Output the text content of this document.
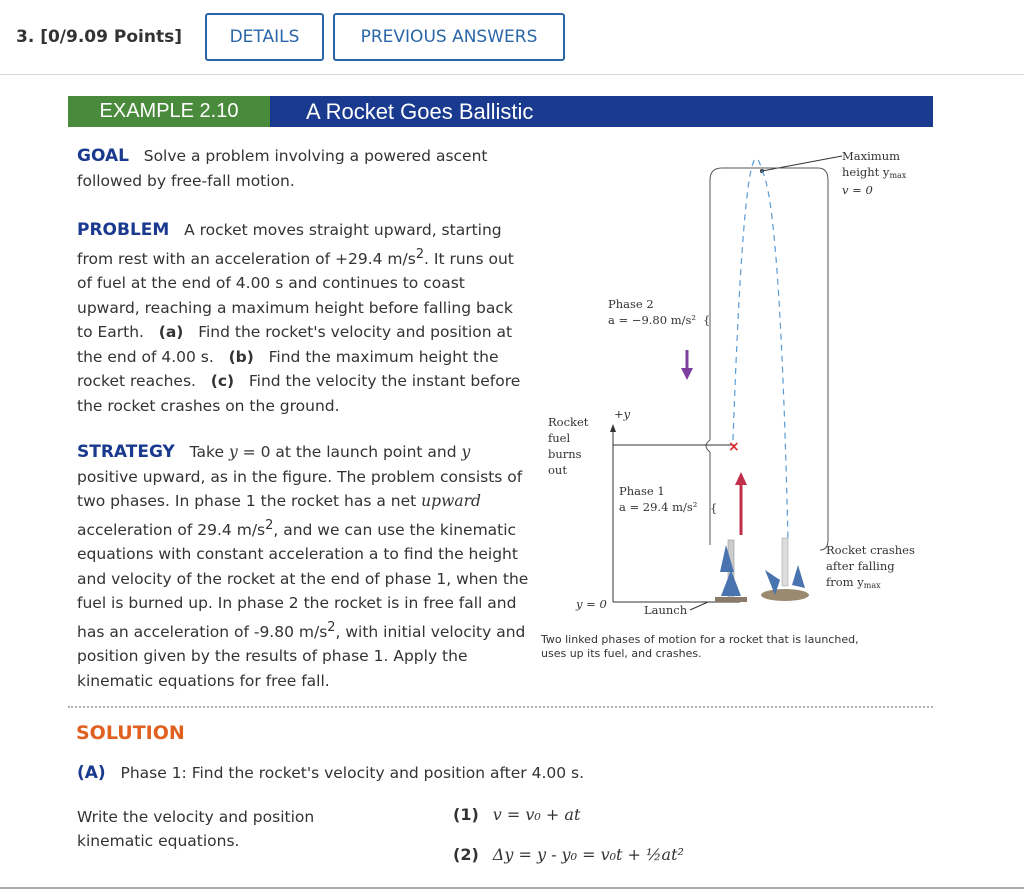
3. [0/9.09 Points]	DETAILS	PREVIOUS ANSWERS
EXAMPLE 2.10	A Rocket Goes Ballistic
GOAL Solve a problem involving a powered ascent followed by free-fall motion.
PROBLEM A rocket moves straight upward, starting from rest with an acceleration of +29.4 $m/s^2$. It runs out of fuel at the end of 4.00 s and continues to coast upward, reaching a maximum height before falling back to Earth. (a) Find the rocket's velocity and position at the end of 4.00 s. (b) Find the maximum height the rocket reaches. (c) Find the velocity the instant before the rocket crashes on the ground.
STRATEGY Take y = 0 at the launch point and y positive upward, as in the figure. The problem consists of two phases. In phase 1 the rocket has a net upward acceleration of 29.4 $m/s^2$, and we can use the kinematic equations with constant acceleration a to find the height and velocity of the rocket at the end of phase 1, when the fuel is burned up. In phase 2 the rocket is in free fall and has an acceleration of -9.80 $m/s^2$, with initial velocity and position given by the results of phase 1. Apply the kinematic equations for free fall.
×
{
{
Maximum
height ymax
v = 0
Phase 2
a = −9.80 m/s²
Rocket
fuel
burns
out
+y
Phase 1
a = 29.4 m/s²
y = 0	Launch
Rocket crashes
after falling
from ymax
Two linked phases of motion for a rocket that is launched, uses up its fuel, and crashes.
SOLUTION
(A) Phase 1: Find the rocket's velocity and position after 4.00 s.
Write the velocity and position kinematic equations.
(1) v = v₀ + at
(2) Δy = y - y₀ = v₀t + ½at²
